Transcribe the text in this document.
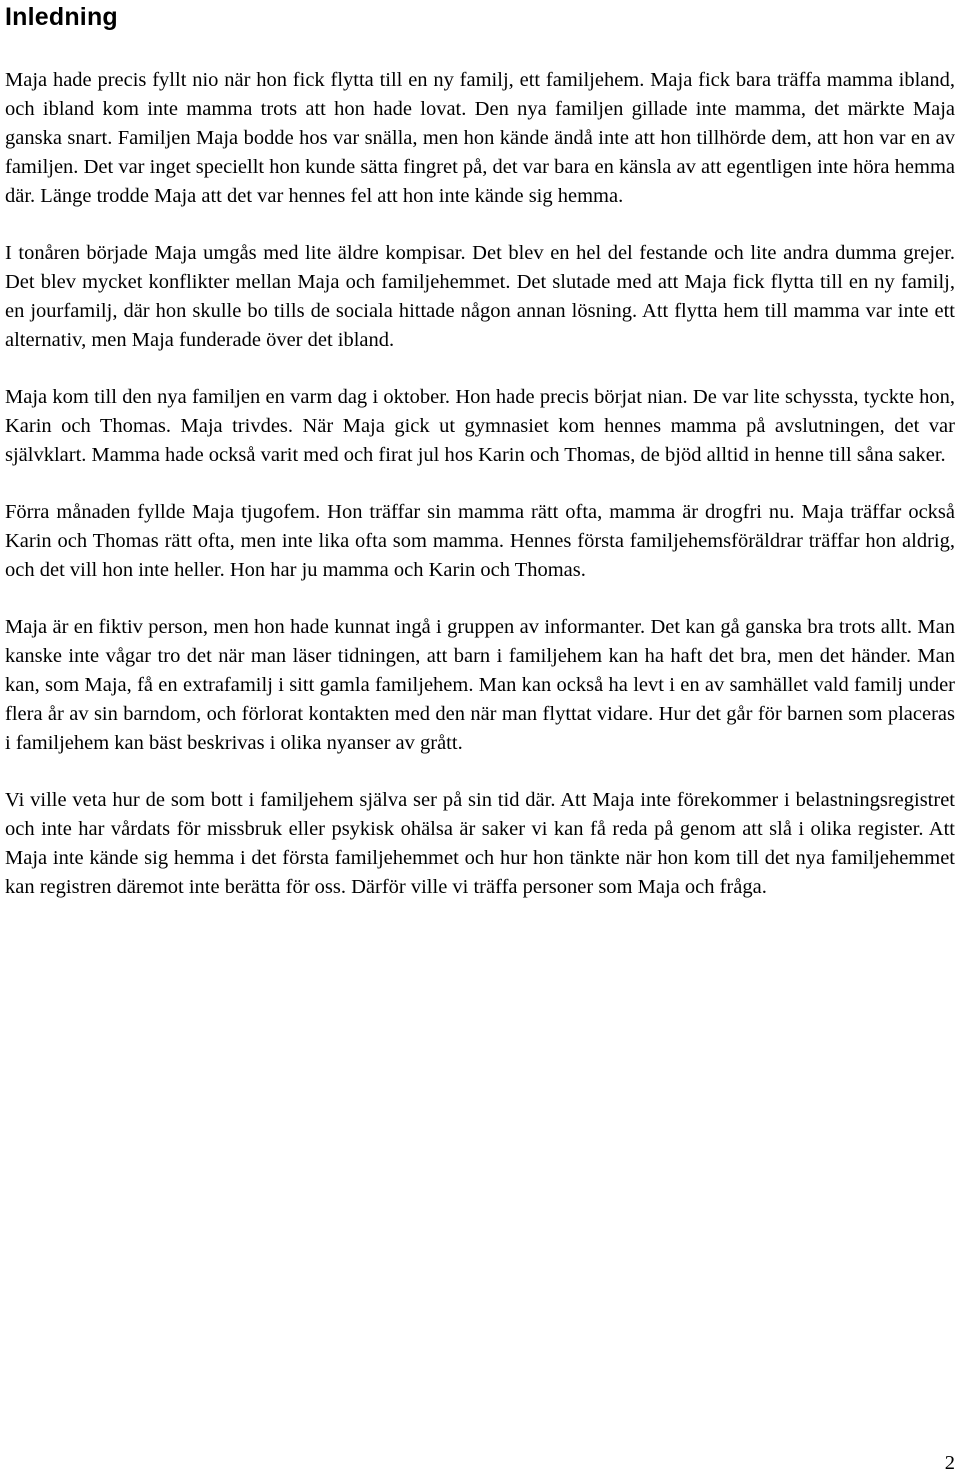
Inledning

Maja hade precis fyllt nio när hon fick flytta till en ny familj, ett familjehem. Maja fick bara träffa mamma ibland, och ibland kom inte mamma trots att hon hade lovat. Den nya familjen gillade inte mamma, det märkte Maja ganska snart. Familjen Maja bodde hos var snälla, men hon kände ändå inte att hon tillhörde dem, att hon var en av familjen. Det var inget speciellt hon kunde sätta fingret på, det var bara en känsla av att egentligen inte höra hemma där. Länge trodde Maja att det var hennes fel att hon inte kände sig hemma.

I tonåren började Maja umgås med lite äldre kompisar. Det blev en hel del festande och lite andra dumma grejer. Det blev mycket konflikter mellan Maja och familjehemmet. Det slutade med att Maja fick flytta till en ny familj, en jourfamilj, där hon skulle bo tills de sociala hittade någon annan lösning. Att flytta hem till mamma var inte ett alternativ, men Maja funderade över det ibland.

Maja kom till den nya familjen en varm dag i oktober. Hon hade precis börjat nian. De var lite schyssta, tyckte hon, Karin och Thomas. Maja trivdes. När Maja gick ut gymnasiet kom hennes mamma på avslutningen, det var självklart. Mamma hade också varit med och firat jul hos Karin och Thomas, de bjöd alltid in henne till såna saker.

Förra månaden fyllde Maja tjugofem. Hon träffar sin mamma rätt ofta, mamma är drogfri nu. Maja träffar också Karin och Thomas rätt ofta, men inte lika ofta som mamma. Hennes första familjehemsföräldrar träffar hon aldrig, och det vill hon inte heller. Hon har ju mamma och Karin och Thomas.

Maja är en fiktiv person, men hon hade kunnat ingå i gruppen av informanter. Det kan gå ganska bra trots allt. Man kanske inte vågar tro det när man läser tidningen, att barn i familjehem kan ha haft det bra, men det händer. Man kan, som Maja, få en extrafamilj i sitt gamla familjehem. Man kan också ha levt i en av samhället vald familj under flera år av sin barndom, och förlorat kontakten med den när man flyttat vidare. Hur det går för barnen som placeras i familjehem kan bäst beskrivas i olika nyanser av grått.

Vi ville veta hur de som bott i familjehem själva ser på sin tid där. Att Maja inte förekommer i belastningsregistret och inte har vårdats för missbruk eller psykisk ohälsa är saker vi kan få reda på genom att slå i olika register. Att Maja inte kände sig hemma i det första familjehemmet och hur hon tänkte när hon kom till det nya familjehemmet kan registren däremot inte berätta för oss. Därför ville vi träffa personer som Maja och fråga.

2
